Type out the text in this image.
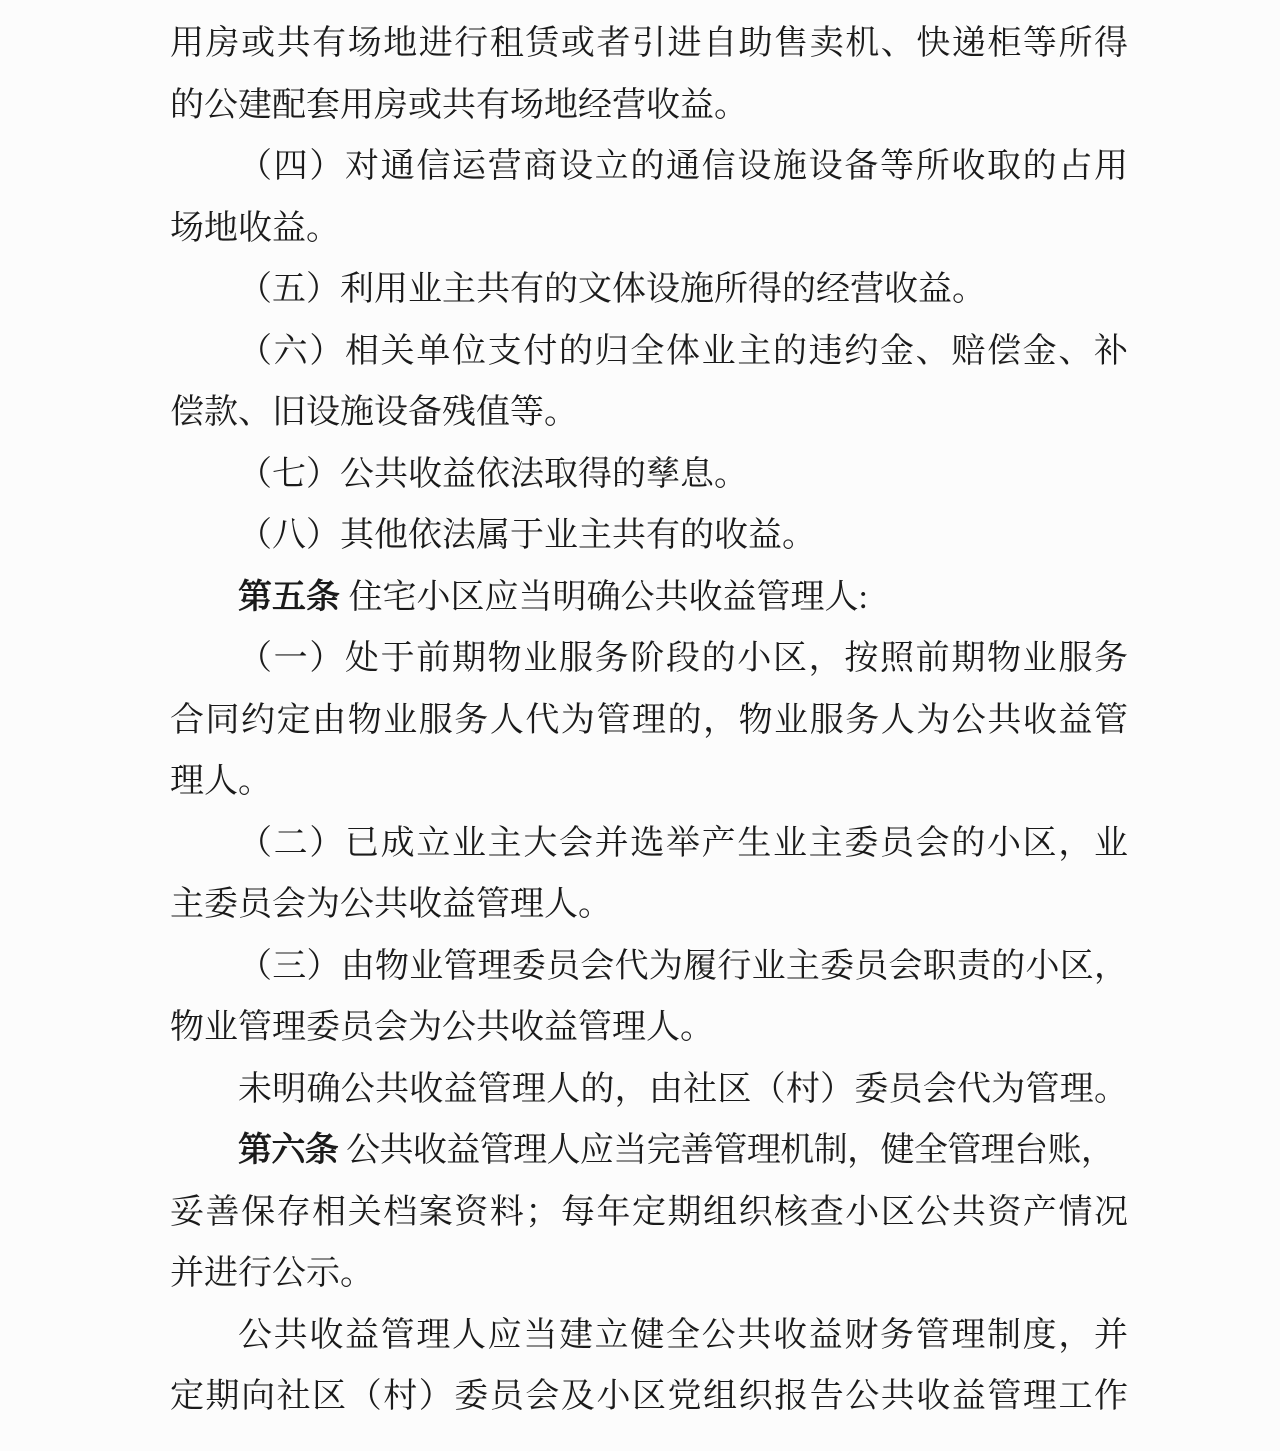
用房或共有场地进行租赁或者引进自助售卖机、快递柜等所得
的公建配套用房或共有场地经营收益。
（四）对通信运营商设立的通信设施设备等所收取的占用
场地收益。
（五）利用业主共有的文体设施所得的经营收益。
（六）相关单位支付的归全体业主的违约金、赔偿金、补
偿款、旧设施设备残值等。
（七）公共收益依法取得的孳息。
（八）其他依法属于业主共有的收益。
第五条 住宅小区应当明确公共收益管理人:
（一）处于前期物业服务阶段的小区，按照前期物业服务
合同约定由物业服务人代为管理的，物业服务人为公共收益管
理人。
（二）已成立业主大会并选举产生业主委员会的小区，业
主委员会为公共收益管理人。
（三）由物业管理委员会代为履行业主委员会职责的小区，
物业管理委员会为公共收益管理人。
未明确公共收益管理人的，由社区（村）委员会代为管理。
第六条 公共收益管理人应当完善管理机制，健全管理台账，
妥善保存相关档案资料；每年定期组织核查小区公共资产情况
并进行公示。
公共收益管理人应当建立健全公共收益财务管理制度，并
定期向社区（村）委员会及小区党组织报告公共收益管理工作
